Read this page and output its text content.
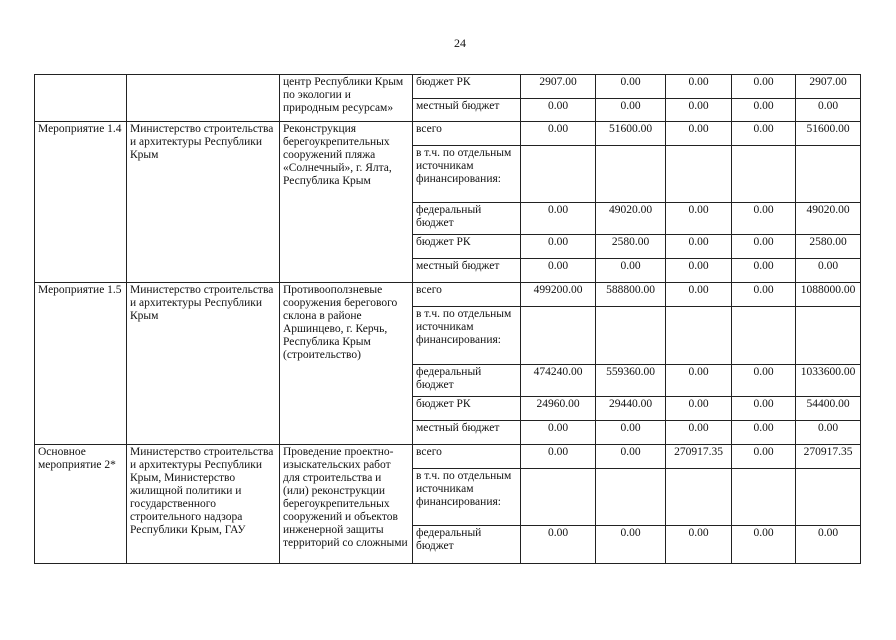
24
		центр Республики Крым по экологии и природным ресурсам»	бюджет РК	2907.00	0.00	0.00	0.00	2907.00
			местный бюджет	0.00	0.00	0.00	0.00	0.00
Мероприятие 1.4	Министерство строительства и архитектуры Республики Крым	Реконструкция берегоукрепительных сооружений пляжа «Солнечный», г. Ялта, Республика Крым	всего	0.00	51600.00	0.00	0.00	51600.00
			в т.ч. по отдельным источникам финансирования:					
			федеральный бюджет	0.00	49020.00	0.00	0.00	49020.00
			бюджет РК	0.00	2580.00	0.00	0.00	2580.00
			местный бюджет	0.00	0.00	0.00	0.00	0.00
Мероприятие 1.5	Министерство строительства и архитектуры Республики Крым	Противооползневые сооружения берегового склона в районе Аршинцево, г. Керчь, Республика Крым (строительство)	всего	499200.00	588800.00	0.00	0.00	1088000.00
			в т.ч. по отдельным источникам финансирования:					
			федеральный бюджет	474240.00	559360.00	0.00	0.00	1033600.00
			бюджет РК	24960.00	29440.00	0.00	0.00	54400.00
			местный бюджет	0.00	0.00	0.00	0.00	0.00
Основное мероприятие 2*	Министерство строительства и архитектуры Республики Крым, Министерство жилищной политики и государственного строительного надзора Республики Крым, ГАУ	Проведение проектно-изыскательских работ для строительства и (или) реконструкции берегоукрепительных сооружений и объектов инженерной защиты территорий со сложными	всего	0.00	0.00	270917.35	0.00	270917.35
			в т.ч. по отдельным источникам финансирования:					
			федеральный бюджет	0.00	0.00	0.00	0.00	0.00
